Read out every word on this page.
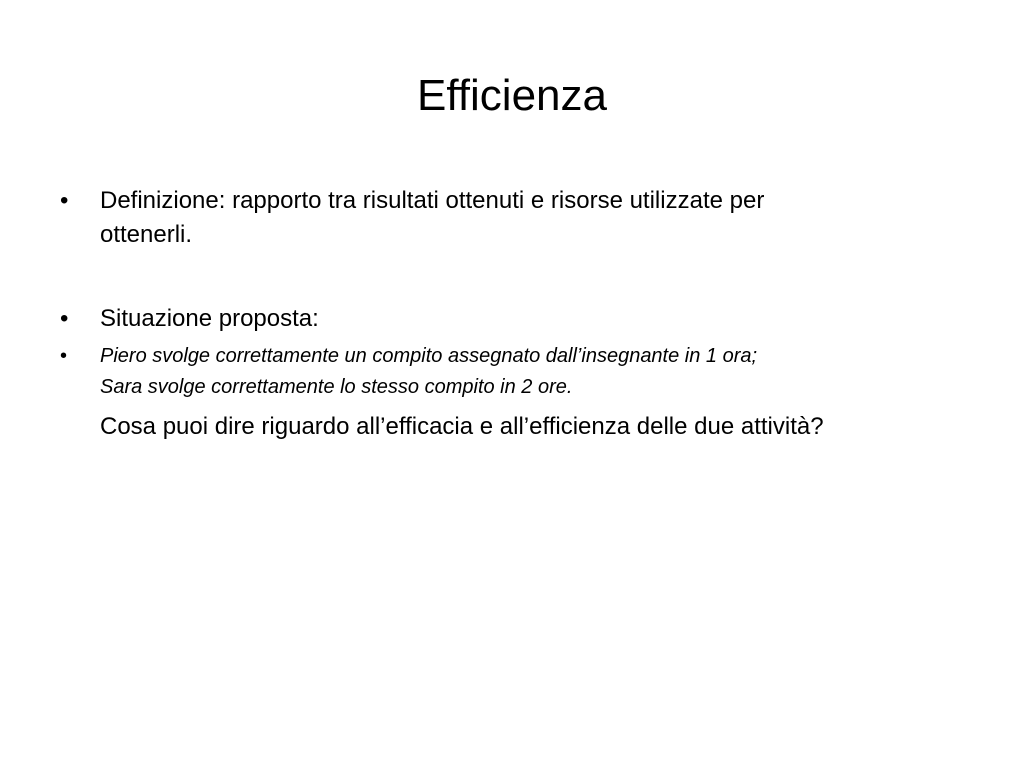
Efficienza
•	Definizione: rapporto tra risultati ottenuti e risorse utilizzate per
ottenerli.
•	Situazione proposta:
•	Piero svolge correttamente un compito assegnato dall’insegnante in 1 ora;
Sara svolge correttamente lo stesso compito in 2 ore.
Cosa puoi dire riguardo all’efficacia e all’efficienza delle due attività?
